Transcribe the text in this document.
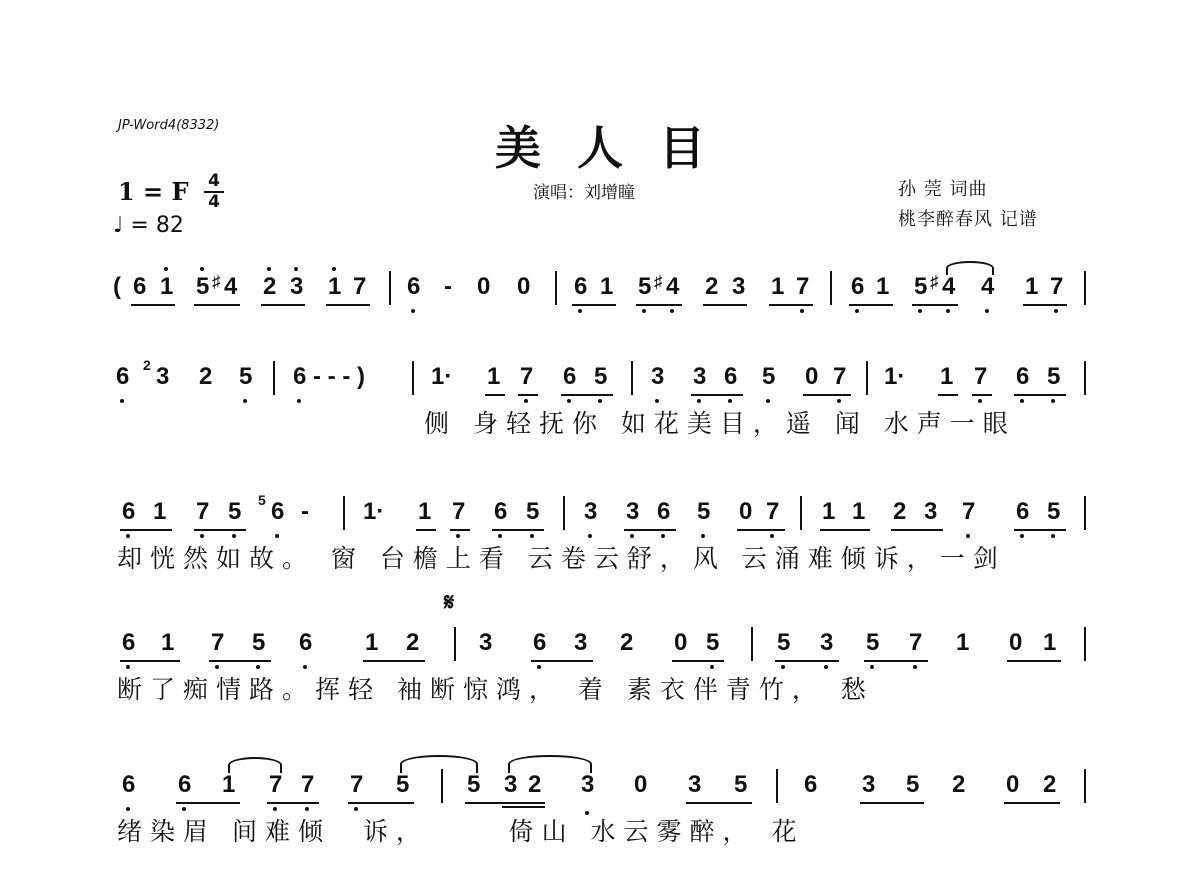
JP-Word4(8332)	美人目
1 = F 4
4
♩ = 82
演唱：刘增瞳	孙 莞 词曲
桃李醉春风 记谱
𝄋
( 6 1 5 ♯ 4 2 3 1 7 6 - 0 0 6 1 5 ♯ 4 2 3 1 7 6 1 5 ♯ 4 4 1 7
6 2 3 2 5 6 - - - )	1· 1 7 6 5 3 3 6 5 0 7 1· 1 7 6 5
侧 身轻抚你 如花美目，遥 闻 水声一眼
6 1 7 5 5 6 - 1· 1 7 6 5 3 3 6 5 0 7 1 1 2 3 7 6 5
却恍然如故。 窗 台檐上看 云卷云舒，风 云涌难倾诉，一剑
6 1 7 5 6 1 2 3 6 3 2 0 5 5 3 5 7 1 0 1
断了痴情路。挥轻 袖断惊鸿， 着 素衣伴青竹， 愁
6 6 1 7 7 7 5 5 3 2 3 0 3 5 6 3 5 2 0 2
绪染眉 间难倾  诉，     倚山 水云雾醉， 花
